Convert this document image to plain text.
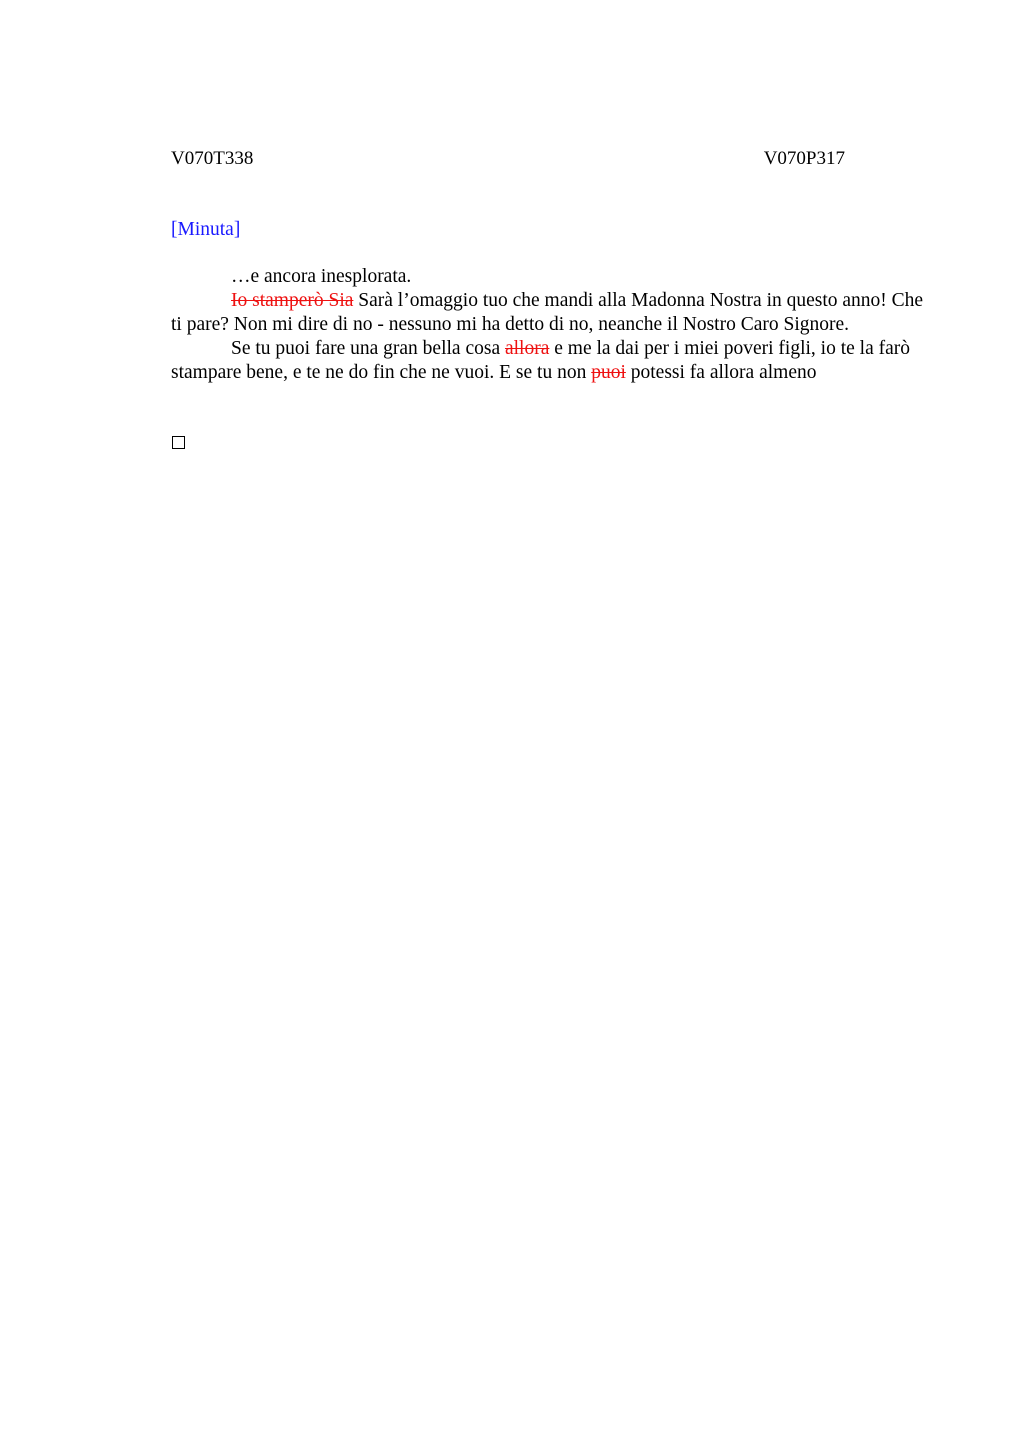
V070T338	V070P317
[Minuta]

…e ancora inesplorata.

Io stamperò Sia Sarà l’omaggio tuo che mandi alla Madonna Nostra in questo anno! Che ti pare? Non mi dire di no - nessuno mi ha detto di no, neanche il Nostro Caro Signore.

Se tu puoi fare una gran bella cosa allora e me la dai per i miei poveri figli, io te la farò stampare bene, e te ne do fin che ne vuoi. E se tu non puoi potessi fa allora almeno
